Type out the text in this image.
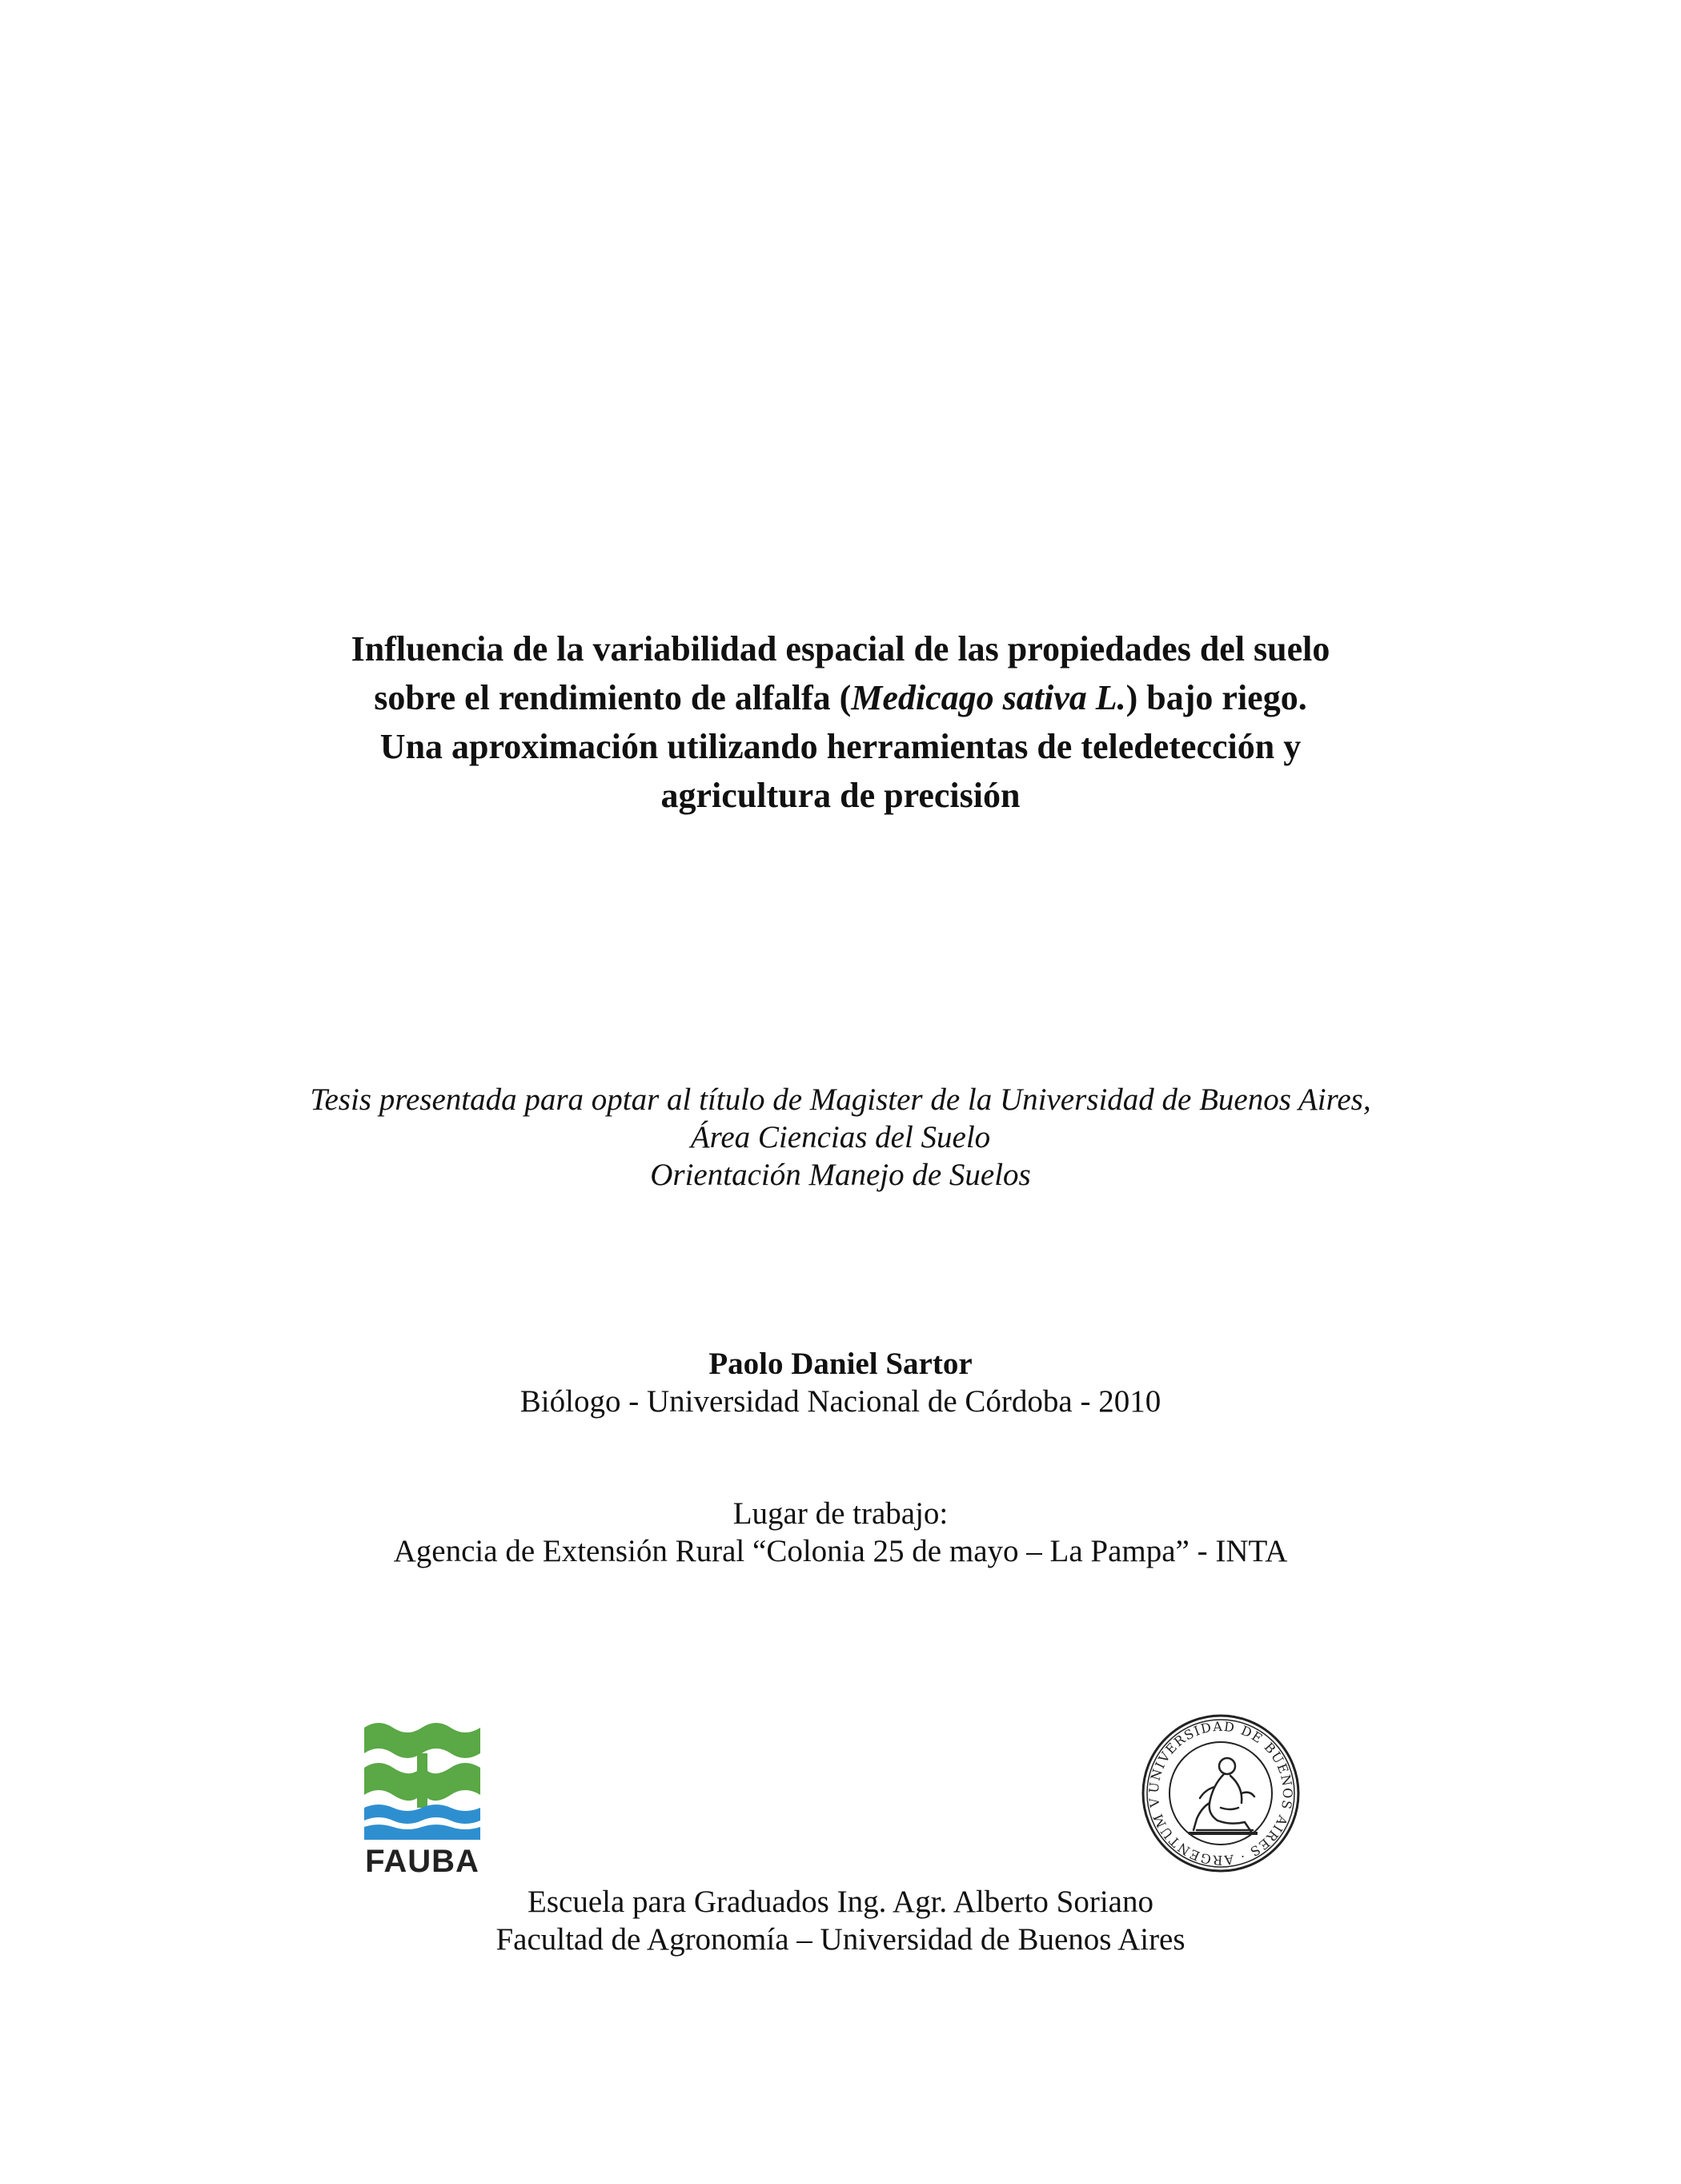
Influencia de la variabilidad espacial de las propiedades del suelo
sobre el rendimiento de alfalfa (Medicago sativa L.) bajo riego.
Una aproximación utilizando herramientas de teledetección y
agricultura de precisión
Tesis presentada para optar al título de Magister de la Universidad de Buenos Aires,
Área Ciencias del Suelo
Orientación Manejo de Suelos
Paolo Daniel Sartor
Biólogo - Universidad Nacional de Córdoba - 2010
Lugar de trabajo:
Agencia de Extensión Rural “Colonia 25 de mayo – La Pampa” - INTA
FAUBA
UNIVERSIDAD DE BUENOS AIRES · ARGENTUM V
Escuela para Graduados Ing. Agr. Alberto Soriano
Facultad de Agronomía – Universidad de Buenos Aires
